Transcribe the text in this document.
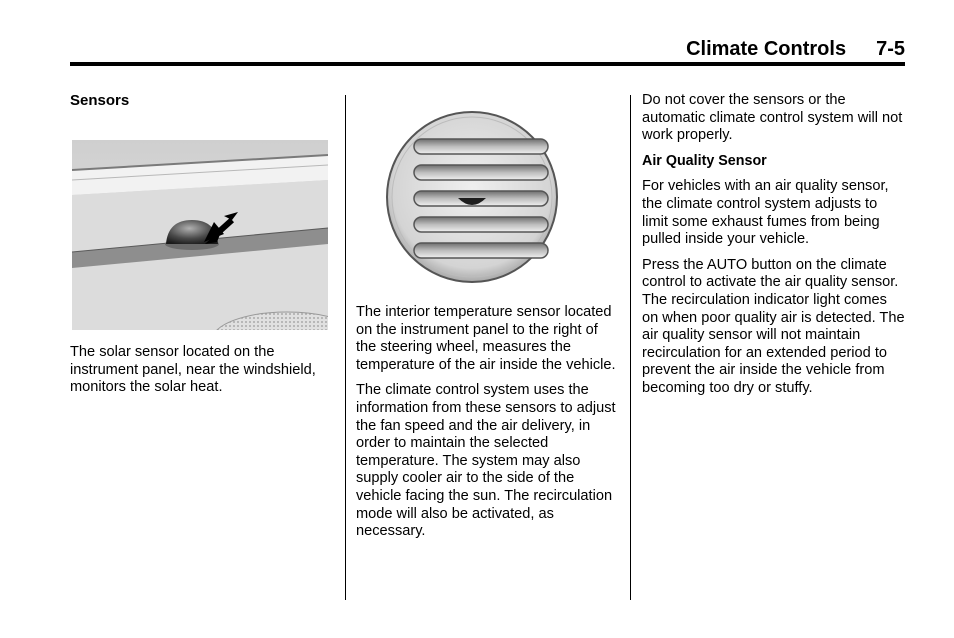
Climate Controls 7-5
Sensors

The solar sensor located on the instrument panel, near the windshield, monitors the solar heat.

The interior temperature sensor located on the instrument panel to the right of the steering wheel, measures the temperature of the air inside the vehicle.

The climate control system uses the information from these sensors to adjust the fan speed and the air delivery, in order to maintain the selected temperature. The system may also supply cooler air to the side of the vehicle facing the sun. The recirculation mode will also be activated, as necessary.

Do not cover the sensors or the automatic climate control system will not work properly.

Air Quality Sensor

For vehicles with an air quality sensor, the climate control system adjusts to limit some exhaust fumes from being pulled inside your vehicle.

Press the AUTO button on the climate control to activate the air quality sensor. The recirculation indicator light comes on when poor quality air is detected. The air quality sensor will not maintain recirculation for an extended period to prevent the air inside the vehicle from becoming too dry or stuffy.
